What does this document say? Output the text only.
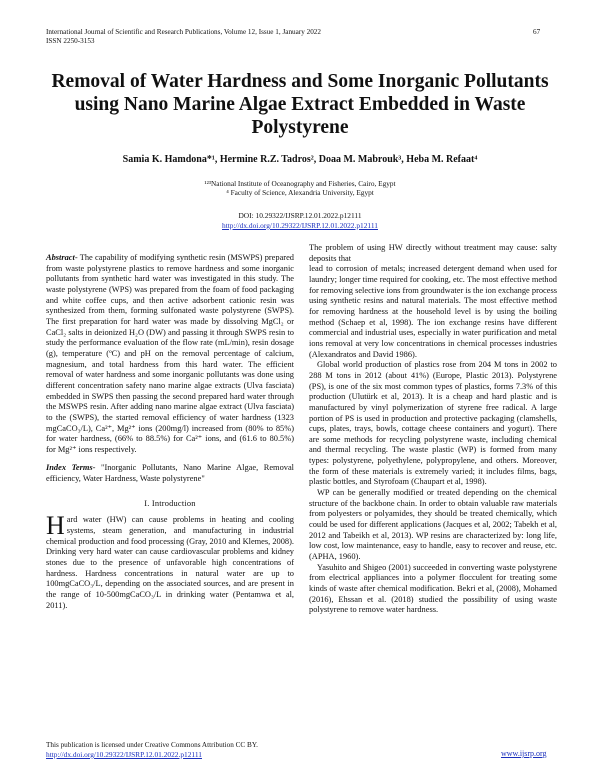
International Journal of Scientific and Research Publications, Volume 12, Issue 1, January 2022
ISSN 2250-3153
67
Removal of Water Hardness and Some Inorganic Pollutants using Nano Marine Algae Extract Embedded in Waste Polystyrene
Samia K. Hamdona*¹, Hermine R.Z. Tadros², Doaa M. Mabrouk³, Heba M. Refaat⁴
¹²³National Institute of Oceanography and Fisheries, Cairo, Egypt
⁴ Faculty of Science, Alexandria University, Egypt
DOI: 10.29322/IJSRP.12.01.2022.p12111
http://dx.doi.org/10.29322/IJSRP.12.01.2022.p12111

Abstract- The capability of modifying synthetic resin (MSWPS) prepared from waste polystyrene plastics to remove hardness and some inorganic pollutants from synthetic hard water was investigated in this study. The waste polystyrene (WPS) was prepared from the foam of food packaging and white coffee cups, and then active adsorbent cationic resin was synthesized from them, forming sulfonated waste polystyrene (SWPS). The first preparation for hard water was made by dissolving MgCl₂ or CaCl₂ salts in deionized H₂O (DW) and passing it through SWPS resin to study the performance evaluation of the flow rate (mL/min), resin dosage (g), temperature (ºC) and pH on the removal percentage of calcium, magnesium, and total hardness from this hard water. The efficient removal of water hardness and some inorganic pollutants was done using different concentration safety nano marine algae extracts (Ulva fasciata) embedded in SWPS then passing the second prepared hard water through the MSWPS resin. After adding nano marine algae extract (Ulva fasciata) to the (SWPS), the started removal efficiency of water hardness (1323 mgCaCO₃/L), Ca²⁺, Mg²⁺ ions (200mg/l) increased from (80% to 85%) for water hardness, (66% to 88.5%) for Ca²⁺ ions, and (61.6 to 80.5%) for Mg²⁺ ions respectively.

Index Terms- "Inorganic Pollutants, Nano Marine Algae, Removal efficiency, Water Hardness, Waste polystyrene"

I. Introduction

Hard water (HW) can cause problems in heating and cooling systems, steam generation, and manufacturing in industrial chemical production and food processing (Gray, 2010 and Klemes, 2008). Drinking very hard water can cause cardiovascular problems and kidney stones due to the presence of unfavorable high concentrations of hardness. Hardness concentrations in natural water are up to 100mgCaCO₃/L, depending on the associated sources, and are present in the range of 10-500mgCaCO₃/L in drinking water (Pentamwa et al, 2011).

The problem of using HW directly without treatment may cause: salty deposits that

lead to corrosion of metals; increased detergent demand when used for laundry; longer time required for cooking, etc. The most effective method for removing selective ions from groundwater is the ion exchange process using synthetic resins and natural materials. The most effective method for removing hardness at the household level is by using the boiling method (Schaep et al, 1998). The ion exchange resins have different commercial and industrial uses, especially in water purification and metal ions removal at very low concentrations in chemical processes industries (Alexandratos and David 1986).

Global world production of plastics rose from 204 M tons in 2002 to 288 M tons in 2012 (about 41%) (Europe, Plastic 2013). Polystyrene (PS), is one of the six most common types of plastics, forms 7.3% of this production (Ulutürk et al, 2013). It is a cheap and hard plastic and is manufactured by vinyl polymerization of styrene free radical. A large portion of PS is used in production and protective packaging (clamshells, cups, plates, trays, bowls, cottage cheese containers and yogurt). There are some methods for recycling polystyrene waste, including chemical and thermal recycling. The waste plastic (WP) is formed from many types: polystyrene, polyethylene, polypropylene, and others. Moreover, the form of these materials is extremely varied; it includes films, bags, plastic bottles, and Styrofoam (Chaupart et al, 1998).

WP can be generally modified or treated depending on the chemical structure of the backbone chain. In order to obtain valuable raw materials from polyesters or polyamides, they should be treated chemically, which could be used for different applications (Jacques et al, 2002; Tabekh et al, 2012 and Tabeikh et al, 2013). WP resins are characterized by: long life, low cost, low maintenance, easy to handle, easy to recover and reuse, etc. (APHA, 1960).

Yasuhito and Shigeo (2001) succeeded in converting waste polystyrene from electrical appliances into a polymer flocculent for treating some kinds of waste after chemical modification. Bekri et al, (2008), Mohamed (2016), Ehssan et al. (2018) studied the possibility of using waste polystyrene to remove water hardness.

This publication is licensed under Creative Commons Attribution CC BY.
http://dx.doi.org/10.29322/IJSRP.12.01.2022.p12111	www.ijsrp.org
